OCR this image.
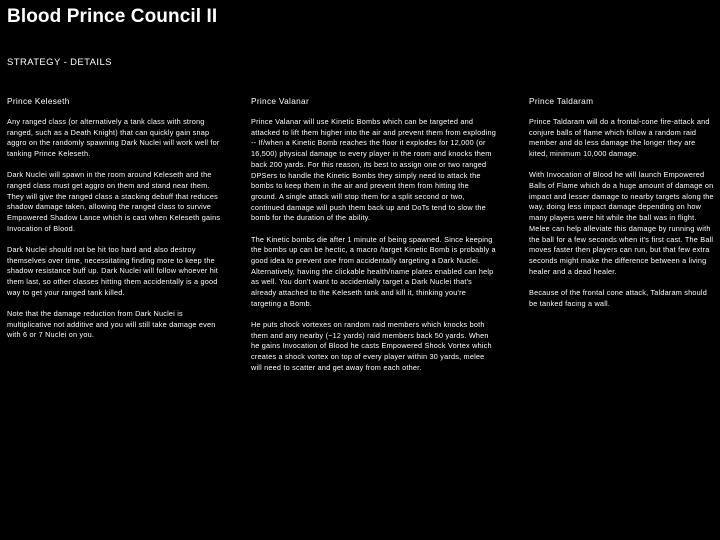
Blood Prince Council II
STRATEGY - DETAILS
Prince Keleseth

Any ranged class (or alternatively a tank class with strong ranged, such as a Death Knight) that can quickly gain snap aggro on the randomly spawning Dark Nuclei will work well for tanking Prince Keleseth.

Dark Nuclei will spawn in the room around Keleseth and the ranged class must get aggro on them and stand near them. They will give the ranged class a stacking debuff that reduces shadow damage taken, allowing the ranged class to survive Empowered Shadow Lance which is cast when Keleseth gains Invocation of Blood.

Dark Nuclei should not be hit too hard and also destroy themselves over time, necessitating finding more to keep the shadow resistance buff up. Dark Nuclei will follow whoever hit them last, so other classes hitting them accidentally is a good way to get your ranged tank killed.

Note that the damage reduction from Dark Nuclei is multiplicative not additive and you will still take damage even with 6 or 7 Nuclei on you.

Prince Valanar

Prince Valanar will use Kinetic Bombs which can be targeted and attacked to lift them higher into the air and prevent them from exploding -- If/when a Kinetic Bomb reaches the floor it explodes for 12,000 (or 16,500) physical damage to every player in the room and knocks them back 200 yards. For this reason, its best to assign one or two ranged DPSers to handle the Kinetic Bombs they simply need to attack the bombs to keep them in the air and prevent them from hitting the ground. A single attack will stop them for a split second or two, continued damage will push them back up and DoTs tend to slow the bomb for the duration of the ability.

The Kinetic bombs die after 1 minute of being spawned. Since keeping the bombs up can be hectic, a macro /target Kinetic Bomb is probably a good idea to prevent one from accidentally targeting a Dark Nuclei. Alternatively, having the clickable health/name plates enabled can help as well. You don't want to accidentally target a Dark Nuclei that's already attached to the Keleseth tank and kill it, thinking you're targeting a Bomb.

He puts shock vortexes on random raid members which knocks both them and any nearby (~12 yards) raid members back 50 yards. When he gains Invocation of Blood he casts Empowered Shock Vortex which creates a shock vortex on top of every player within 30 yards, melee will need to scatter and get away from each other.

Prince Taldaram

Prince Taldaram will do a frontal-cone fire-attack and conjure balls of flame which follow a random raid member and do less damage the longer they are kited, minimum 10,000 damage.

With Invocation of Blood he will launch Empowered Balls of Flame which do a huge amount of damage on impact and lesser damage to nearby targets along the way, doing less impact damage depending on how many players were hit while the ball was in flight. Melee can help alleviate this damage by running with the ball for a few seconds when it's first cast. The Ball moves faster then players can run, but that few extra seconds might make the difference between a living healer and a dead healer.

Because of the frontal cone attack, Taldaram should be tanked facing a wall.
